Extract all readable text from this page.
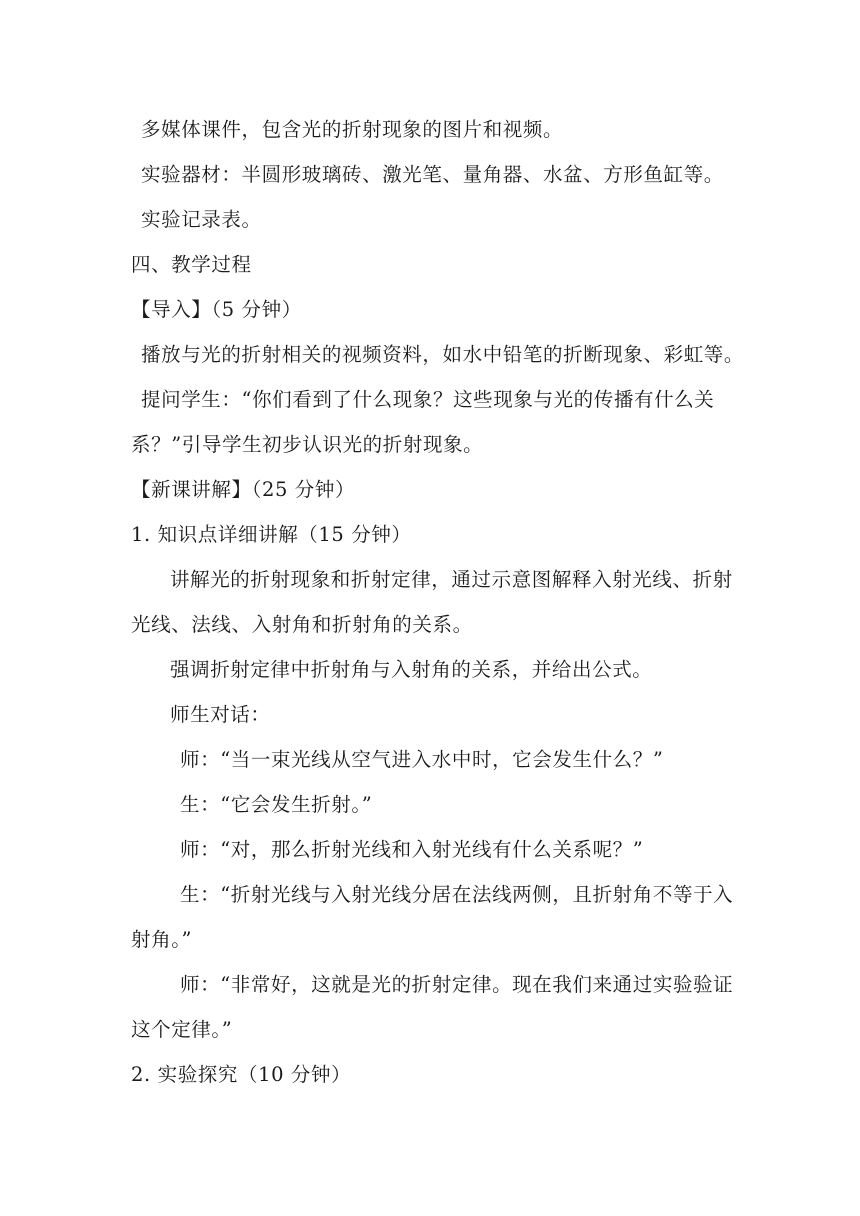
多媒体课件，包含光的折射现象的图片和视频。
实验器材：半圆形玻璃砖、激光笔、量角器、水盆、方形鱼缸等。
实验记录表。
四、教学过程
【导入】（5 分钟）
播放与光的折射相关的视频资料，如水中铅笔的折断现象、彩虹等。
提问学生：“你们看到了什么现象？这些现象与光的传播有什么关
系？”引导学生初步认识光的折射现象。
【新课讲解】（25 分钟）
1. 知识点详细讲解（15 分钟）
讲解光的折射现象和折射定律，通过示意图解释入射光线、折射
光线、法线、入射角和折射角的关系。
强调折射定律中折射角与入射角的关系，并给出公式。
师生对话：
师：“当一束光线从空气进入水中时，它会发生什么？”
生：“它会发生折射。”
师：“对，那么折射光线和入射光线有什么关系呢？”
生：“折射光线与入射光线分居在法线两侧，且折射角不等于入
射角。”
师：“非常好，这就是光的折射定律。现在我们来通过实验验证
这个定律。”
2. 实验探究（10 分钟）
